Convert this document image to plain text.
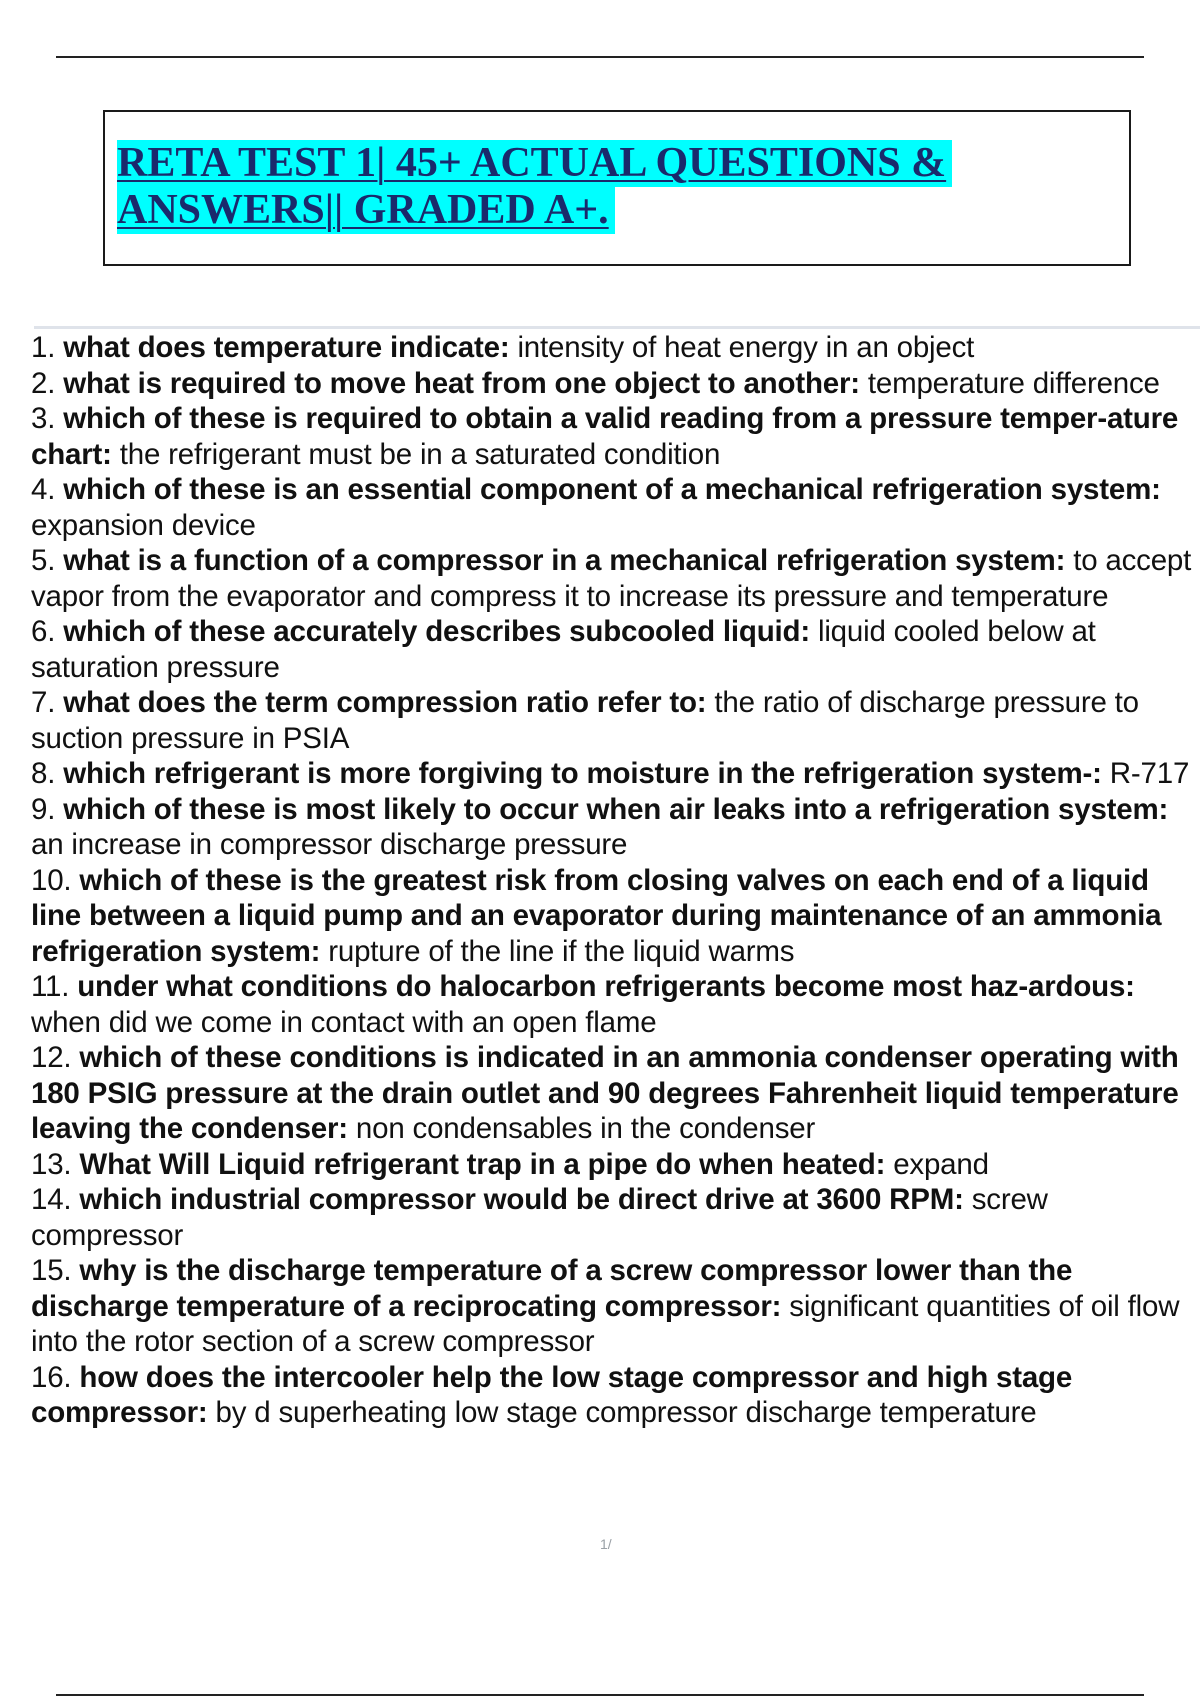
RETA TEST 1| 45+ ACTUAL QUESTIONS &
ANSWERS|| GRADED A+.
1. what does temperature indicate: intensity of heat energy in an object
2. what is required to move heat from one object to another: temperature difference
3. which of these is required to obtain a valid reading from a pressure temper-ature chart: the refrigerant must be in a saturated condition
4. which of these is an essential component of a mechanical refrigeration system: expansion device
5. what is a function of a compressor in a mechanical refrigeration system: to accept vapor from the evaporator and compress it to increase its pressure and temperature
6. which of these accurately describes subcooled liquid: liquid cooled below at saturation pressure
7. what does the term compression ratio refer to: the ratio of discharge pressure to suction pressure in PSIA
8. which refrigerant is more forgiving to moisture in the refrigeration system-: R-717
9. which of these is most likely to occur when air leaks into a refrigeration system: an increase in compressor discharge pressure
10. which of these is the greatest risk from closing valves on each end of a liquid line between a liquid pump and an evaporator during maintenance of an ammonia refrigeration system: rupture of the line if the liquid warms
11. under what conditions do halocarbon refrigerants become most haz-ardous: when did we come in contact with an open flame
12. which of these conditions is indicated in an ammonia condenser operating with 180 PSIG pressure at the drain outlet and 90 degrees Fahrenheit liquid temperature leaving the condenser: non condensables in the condenser
13. What Will Liquid refrigerant trap in a pipe do when heated: expand
14. which industrial compressor would be direct drive at 3600 RPM: screw compressor
15. why is the discharge temperature of a screw compressor lower than the discharge temperature of a reciprocating compressor: significant quantities of oil flow into the rotor section of a screw compressor
16. how does the intercooler help the low stage compressor and high stage compressor: by d superheating low stage compressor discharge temperature
1/
